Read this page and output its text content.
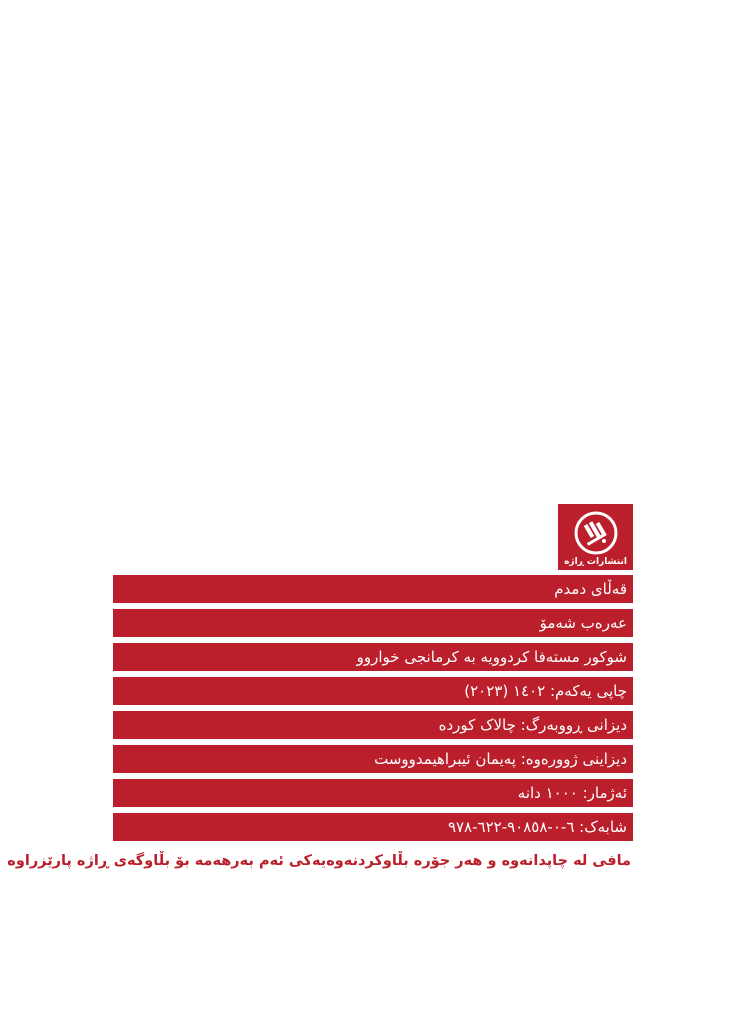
انتشارات ڕاژه
قەڵای دمدم
عەرەب شەمۆ
شوکور مستەفا کردوویە بە کرمانجی خواروو
چاپی یەکەم: ١٤٠٢ (٢٠٢٣)
دیزانی ڕووبەرگ: چالاک کوردە
دیزاینی ژوورەوە: پەیمان ئیبراهیمدووست
ئەژمار: ١٠٠٠ دانە
شابەک: ٦-٠-٩٠٨٥٨-٦٢٢-٩٧٨
مافی لە چاپدانەوە و هەر جۆرە بڵاوکردنەوەیەکی ئەم بەرهەمە بۆ بڵاوگەی ڕاژە پارێزراوە
